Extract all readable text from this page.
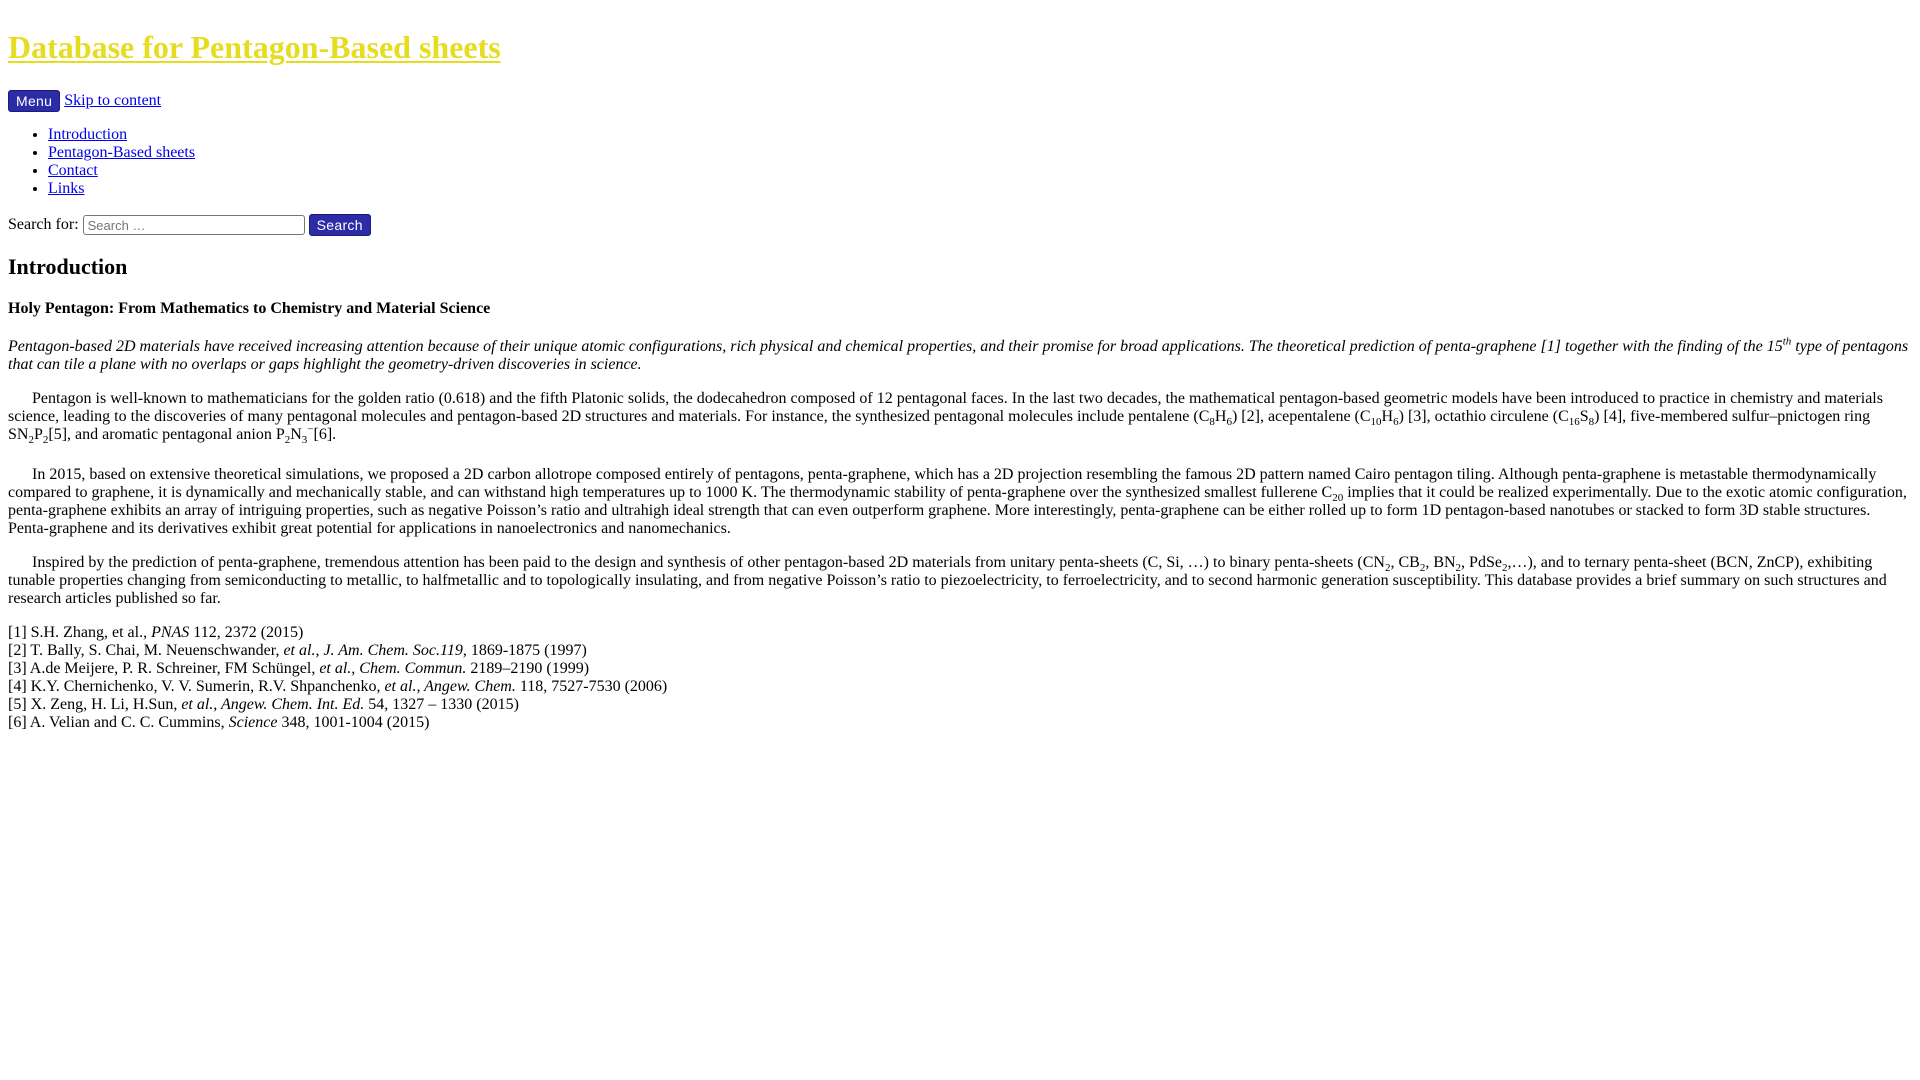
Database for Pentagon-Based sheets

Menu Skip to content
• Introduction
• Pentagon-Based sheets
• Contact
• Links
Search for:
Search …	Search
Introduction

Holy Pentagon: From Mathematics to Chemistry and Material Science

Pentagon-based 2D materials have received increasing attention because of their unique atomic configurations, rich physical and chemical properties, and their promise for broad applications. The theoretical prediction of penta-graphene [1] together with the finding of the 15th type of pentagons that can tile a plane with no overlaps or gaps highlight the geometry-driven discoveries in science.

Pentagon is well-known to mathematicians for the golden ratio (0.618) and the fifth Platonic solids, the dodecahedron composed of 12 pentagonal faces. In the last two decades, the mathematical pentagon-based geometric models have been introduced to practice in chemistry and materials science, leading to the discoveries of many pentagonal molecules and pentagon-based 2D structures and materials. For instance, the synthesized pentagonal molecules include pentalene $(C_8H_6)$ [2], acepentalene $(C_{10}H_6)$ [3], octathio circulene $(C_{16}S_8)$ [4], five-membered sulfur–pnictogen ring $SN_2P_2[5]$, and aromatic pentagonal anion $P_2N_3^-[6]$.

In 2015, based on extensive theoretical simulations, we proposed a 2D carbon allotrope composed entirely of pentagons, penta-graphene, which has a 2D projection resembling the famous 2D pattern named Cairo pentagon tiling. Although penta-graphene is metastable thermodynamically compared to graphene, it is dynamically and mechanically stable, and can withstand high temperatures up to 1000 K. The thermodynamic stability of penta-graphene over the synthesized smallest fullerene $C_{20}$ implies that it could be realized experimentally. Due to the exotic atomic configuration, penta-graphene exhibits an array of intriguing properties, such as negative Poisson’s ratio and ultrahigh ideal strength that can even outperform graphene. More interestingly, penta-graphene can be either rolled up to form 1D pentagon-based nanotubes or stacked to form 3D stable structures. Penta-graphene and its derivatives exhibit great potential for applications in nanoelectronics and nanomechanics.

Inspired by the prediction of penta-graphene, tremendous attention has been paid to the design and synthesis of other pentagon-based 2D materials from unitary penta-sheets (C, Si, …) to binary penta-sheets ($CN_2$, $CB_2$, $BN_2$, PdSe$_2$,…), and to ternary penta-sheet (BCN, ZnCP), exhibiting tunable properties changing from semiconducting to metallic, to halfmetallic and to topologically insulating, and from negative Poisson’s ratio to piezoelectricity, to ferroelectricity, and to second harmonic generation susceptibility. This database provides a brief summary on such structures and research articles published so far.

[1] S.H. Zhang, et al., PNAS 112, 2372 (2015)
[2] T. Bally, S. Chai, M. Neuenschwander, et al., J. Am. Chem. Soc.119, 1869-1875 (1997)
[3] A.de Meijere, P. R. Schreiner, FM Schüngel, et al., Chem. Commun. 2189–2190 (1999)
[4] K.Y. Chernichenko, V. V. Sumerin, R.V. Shpanchenko, et al., Angew. Chem. 118, 7527-7530 (2006)
[5] X. Zeng, H. Li, H.Sun, et al., Angew. Chem. Int. Ed. 54, 1327 – 1330 (2015)
[6] A. Velian and C. C. Cummins, Science 348, 1001-1004 (2015)
